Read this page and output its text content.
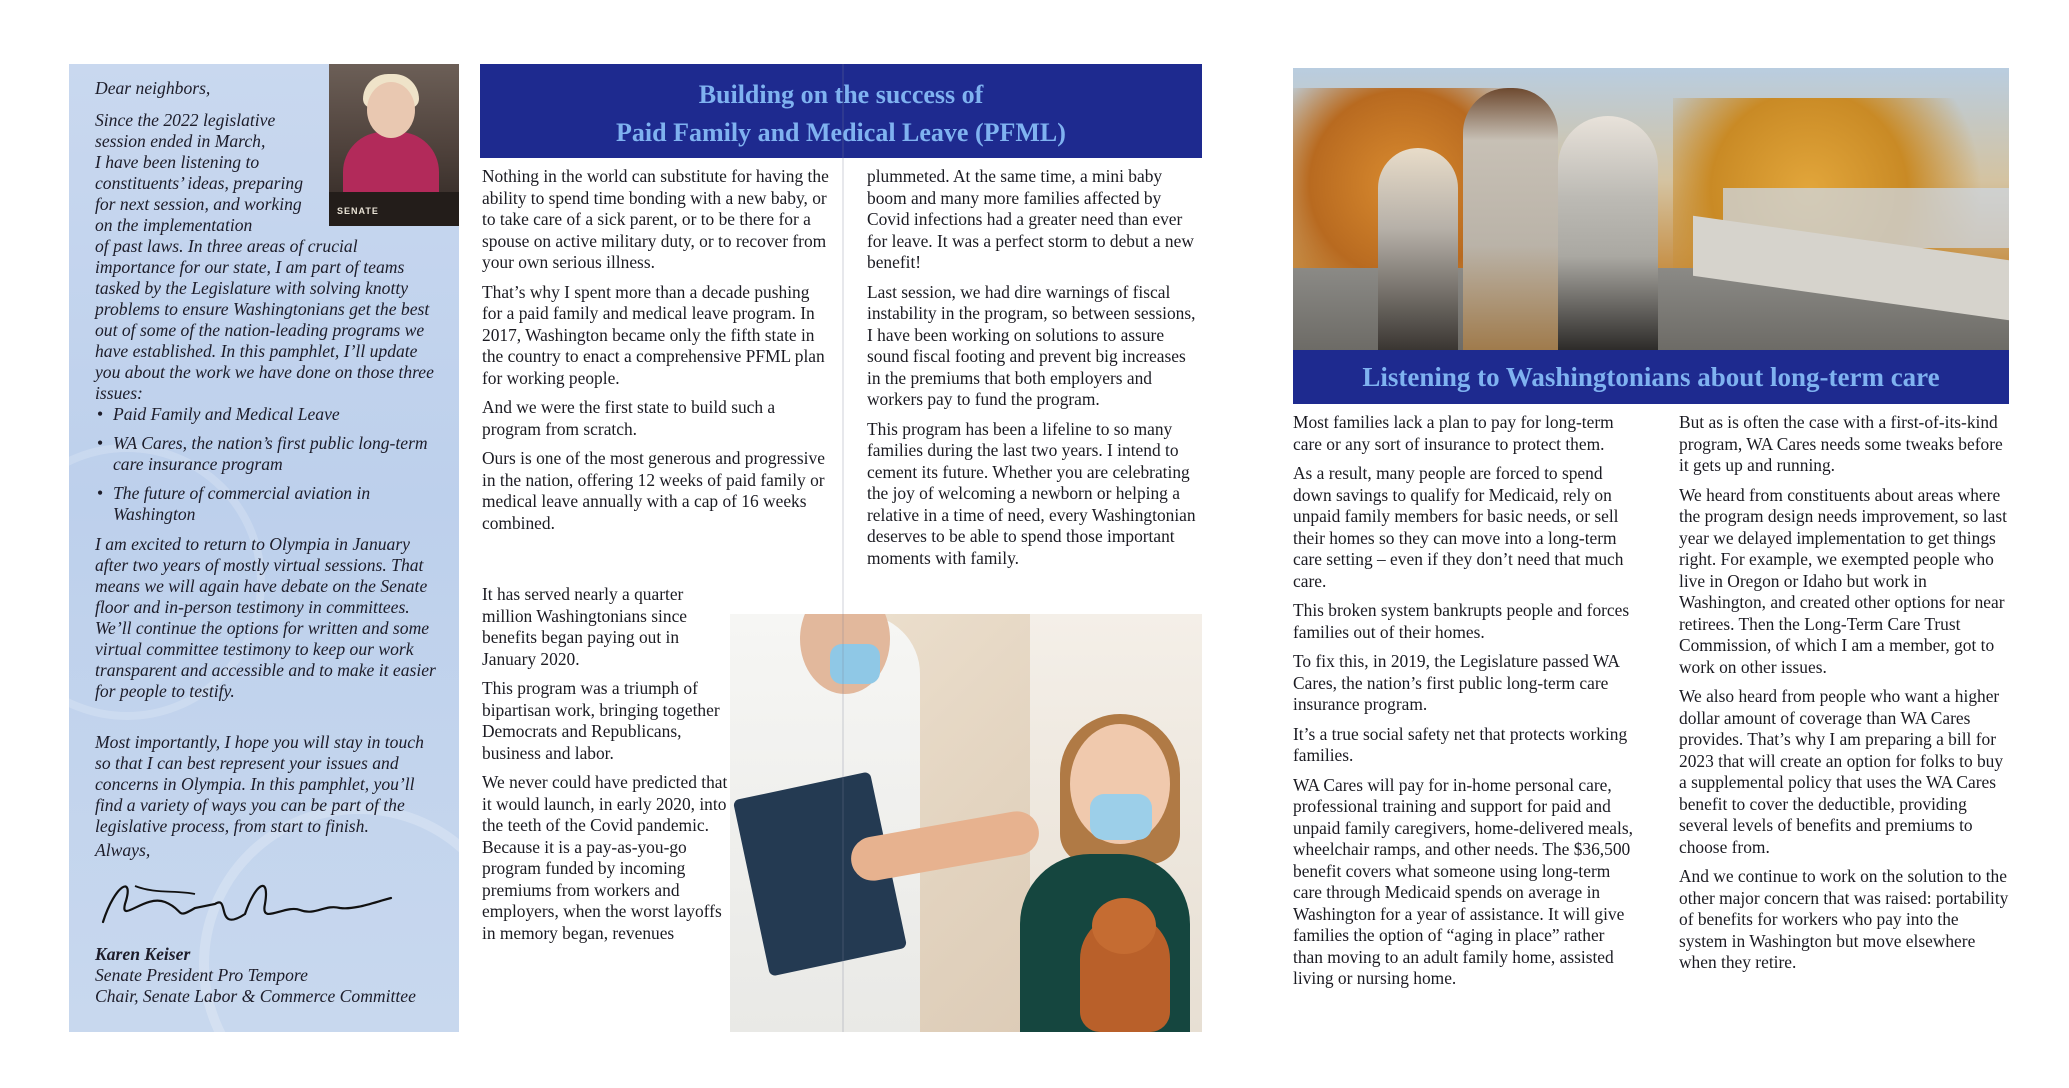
SENATE

Dear neighbors,

Since the 2022 legislative
session ended in March,
I have been listening to
constituents’ ideas, preparing
for next session, and working
on the implementation
of past laws. In three areas of crucial importance for our state, I am part of teams tasked by the Legislature with solving knotty problems to ensure Washingtonians get the best out of some of the nation-leading programs we have established. In this pamphlet, I’ll update you about the work we have done on those three issues:
• Paid Family and Medical Leave
• WA Cares, the nation’s first public long-term care insurance program
• The future of commercial aviation in Washington

I am excited to return to Olympia in January after two years of mostly virtual sessions. That means we will again have debate on the Senate floor and in-person testimony in committees. We’ll continue the options for written and some virtual committee testimony to keep our work transparent and accessible and to make it easier for people to testify.

Most importantly, I hope you will stay in touch so that I can best represent your issues and concerns in Olympia. In this pamphlet, you’ll find a variety of ways you can be part of the legislative process, from start to finish.

Always,

Karen Keiser

Senate President Pro Tempore

Chair, Senate Labor & Commerce Committee

Building on the success of
Paid Family and Medical Leave (PFML)

Nothing in the world can substitute for having the ability to spend time bonding with a new baby, or to take care of a sick parent, or to be there for a spouse on active military duty, or to recover from your own serious illness.

That’s why I spent more than a decade pushing for a paid family and medical leave program. In 2017, Washington became only the fifth state in the country to enact a comprehensive PFML plan for working people.

And we were the first state to build such a program from scratch.

Ours is one of the most generous and progressive in the nation, offering 12 weeks of paid family or medical leave annually with a cap of 16 weeks combined.

It has served nearly a quarter million Washingtonians since benefits began paying out in January 2020.

This program was a triumph of bipartisan work, bringing together Democrats and Republicans, business and labor.

We never could have predicted that it would launch, in early 2020, into the teeth of the Covid pandemic. Because it is a pay-as-you-go program funded by incoming premiums from workers and employers, when the worst layoffs in memory began, revenues

plummeted. At the same time, a mini baby boom and many more families affected by Covid infections had a greater need than ever for leave. It was a perfect storm to debut a new benefit!

Last session, we had dire warnings of fiscal instability in the program, so between sessions, I have been working on solutions to assure sound fiscal footing and prevent big increases in the premiums that both employers and workers pay to fund the program.

This program has been a lifeline to so many families during the last two years. I intend to cement its future. Whether you are celebrating the joy of welcoming a newborn or helping a relative in a time of need, every Washingtonian deserves to be able to spend those important moments with family.

Listening to Washingtonians about long-term care

Most families lack a plan to pay for long-term care or any sort of insurance to protect them.

As a result, many people are forced to spend down savings to qualify for Medicaid, rely on unpaid family members for basic needs, or sell their homes so they can move into a long-term care setting – even if they don’t need that much care.

This broken system bankrupts people and forces families out of their homes.

To fix this, in 2019, the Legislature passed WA Cares, the nation’s first public long-term care insurance program.

It’s a true social safety net that protects working families.

WA Cares will pay for in-home personal care, professional training and support for paid and unpaid family caregivers, home-delivered meals, wheelchair ramps, and other needs. The $36,500 benefit covers what someone using long-term care through Medicaid spends on average in Washington for a year of assistance. It will give families the option of “aging in place” rather than moving to an adult family home, assisted living or nursing home.

But as is often the case with a first-of-its-kind program, WA Cares needs some tweaks before it gets up and running.

We heard from constituents about areas where the program design needs improvement, so last year we delayed implementation to get things right. For example, we exempted people who live in Oregon or Idaho but work in Washington, and created other options for near retirees. Then the Long-Term Care Trust Commission, of which I am a member, got to work on other issues.

We also heard from people who want a higher dollar amount of coverage than WA Cares provides. That’s why I am preparing a bill for 2023 that will create an option for folks to buy a supplemental policy that uses the WA Cares benefit to cover the deductible, providing several levels of benefits and premiums to choose from.

And we continue to work on the solution to the other major concern that was raised: portability of benefits for workers who pay into the system in Washington but move elsewhere when they retire.
